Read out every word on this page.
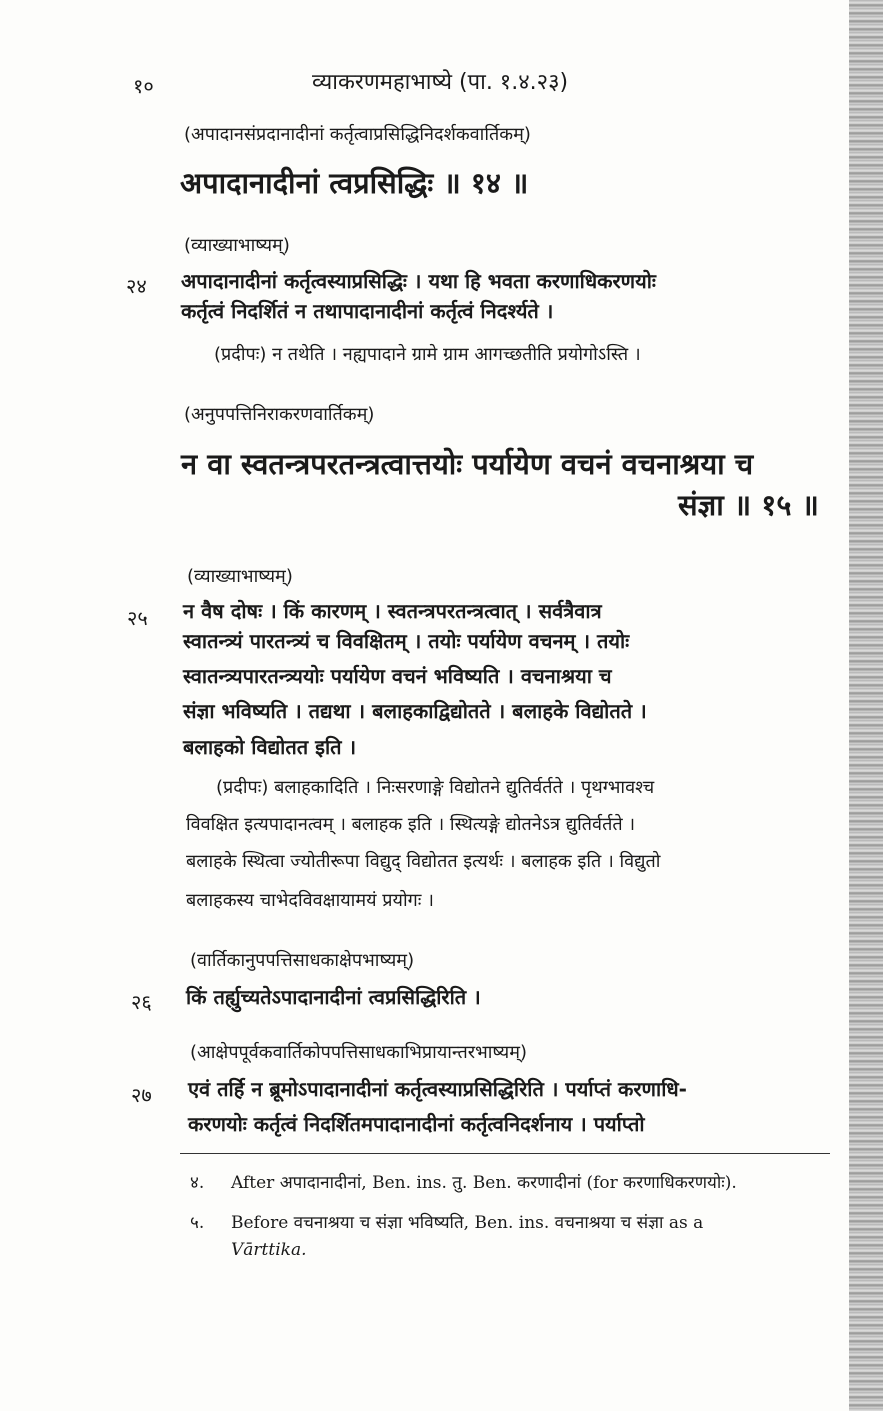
१०	व्याकरणमहाभाष्ये (पा. १.४.२३)
(अपादानसंप्रदानादीनां कर्तृत्वाप्रसिद्धिनिदर्शकवार्तिकम्)
अपादानादीनां त्वप्रसिद्धिः ॥ १४ ॥
(व्याख्याभाष्यम्)
२४ अपादानादीनां कर्तृत्वस्याप्रसिद्धिः । यथा हि भवता करणाधिकरणयोः
कर्तृत्वं निदर्शितं न तथापादानादीनां कर्तृत्वं निदर्श्यते ।
(प्रदीपः) न तथेति । नह्यपादाने ग्रामे ग्राम आगच्छतीति प्रयोगोऽस्ति ।
(अनुपपत्तिनिराकरणवार्तिकम्)
न वा स्वतन्त्रपरतन्त्रत्वात्तयोः पर्यायेण वचनं वचनाश्रया च
संज्ञा ॥ १५ ॥
(व्याख्याभाष्यम्)
२५ न वैष दोषः । किं कारणम् । स्वतन्त्रपरतन्त्रत्वात् । सर्वत्रैवात्र
स्वातन्त्र्यं पारतन्त्र्यं च विवक्षितम् । तयोः पर्यायेण वचनम् । तयोः
स्वातन्त्र्यपारतन्त्र्ययोः पर्यायेण वचनं भविष्यति । वचनाश्रया च
संज्ञा भविष्यति । तद्यथा । बलाहकाद्विद्योतते । बलाहके विद्योतते ।
बलाहको विद्योतत इति ।
(प्रदीपः) बलाहकादिति । निःसरणाङ्गे विद्योतने द्युतिर्वर्तते । पृथग्भावश्च
विवक्षित इत्यपादानत्वम् । बलाहक इति । स्थित्यङ्गे द्योतनेऽत्र द्युतिर्वर्तते ।
बलाहके स्थित्वा ज्योतीरूपा विद्युद् विद्योतत इत्यर्थः । बलाहक इति । विद्युतो
बलाहकस्य चाभेदविवक्षायामयं प्रयोगः ।
(वार्तिकानुपपत्तिसाधकाक्षेपभाष्यम्)
२६ किं तर्ह्युच्यतेऽपादानादीनां त्वप्रसिद्धिरिति ।
(आक्षेपपूर्वकवार्तिकोपपत्तिसाधकाभिप्रायान्तरभाष्यम्)
२७ एवं तर्हि न ब्रूमोऽपादानादीनां कर्तृत्वस्याप्रसिद्धिरिति । पर्याप्तं करणाधि-
करणयोः कर्तृत्वं निदर्शितमपादानादीनां कर्तृत्वनिदर्शनाय । पर्याप्तो
४. After अपादानादीनां, Ben. ins. तु. Ben. करणादीनां (for करणाधिकरणयोः).
५. Before वचनाश्रया च संज्ञा भविष्यति, Ben. ins. वचनाश्रया च संज्ञा as a
Vārttika.
